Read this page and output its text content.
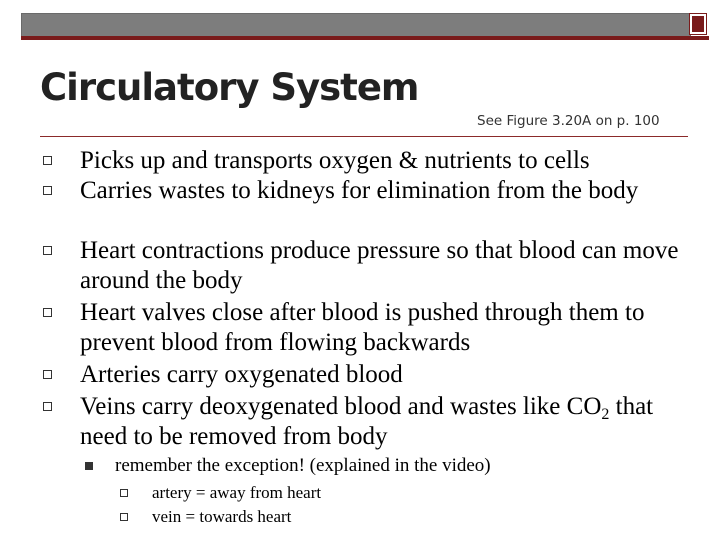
Circulatory System
See Figure 3.20A on p. 100
Picks up and transports oxygen & nutrients to cells
Carries wastes to kidneys for elimination from the body
Heart contractions produce pressure so that blood can move around the body
Heart valves close after blood is pushed through them to prevent blood from flowing backwards
Arteries carry oxygenated blood
Veins carry deoxygenated blood and wastes like $CO_2$ that need to be removed from body
remember the exception! (explained in the video)
artery = away from heart
vein = towards heart
